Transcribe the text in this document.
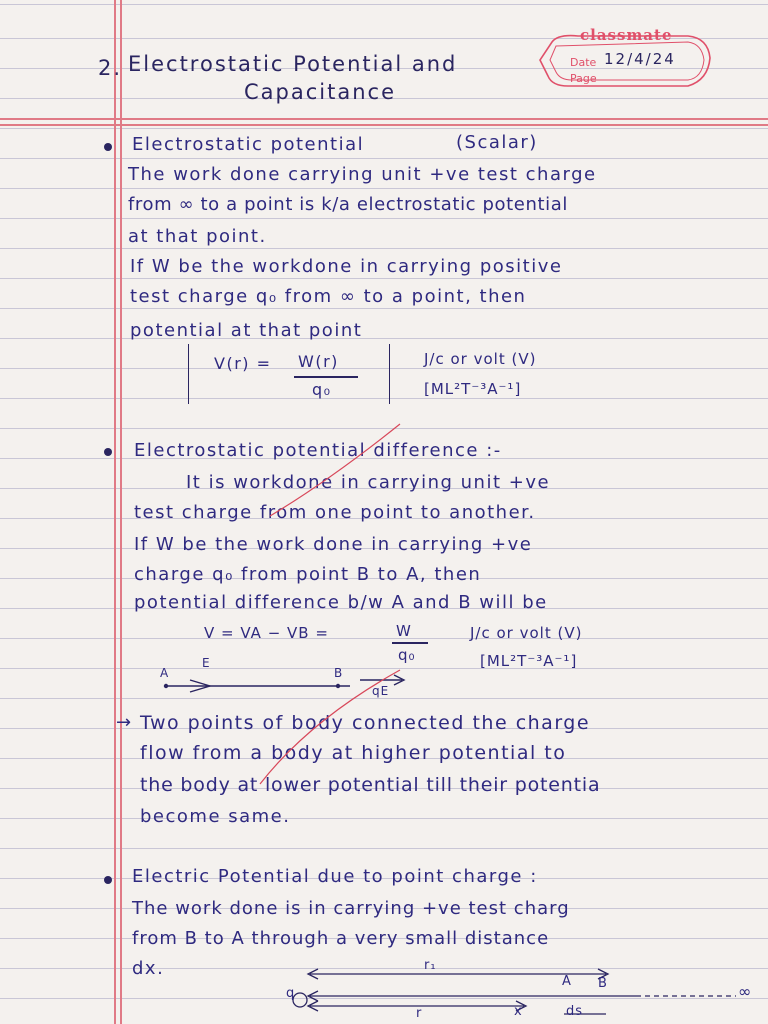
classmate
Date 12/4/24
Page
2. Electrostatic Potential and
Capacitance
Electrostatic potential	(Scalar)
The work done carrying unit +ve test charge
from ∞ to a point is k/a electrostatic potential
at that point.
If W be the workdone in carrying positive
test charge q₀ from ∞ to a point, then
potential at that point
V(r) = W(r)
q₀
J/c or volt (V)
[ML²T⁻³A⁻¹]
Electrostatic potential difference :-
It is workdone in carrying unit +ve
test charge from one point to another.
If W be the work done in carrying +ve
charge q₀ from point B to A, then
potential difference b/w A and B will be
V = VA − VB =	W
q₀
J/c or volt (V)
[ML²T⁻³A⁻¹]
A
E
B
qE
→ Two points of body connected the charge
flow from a body at higher potential to
the body at lower potential till their potentia
become same.
Electric Potential due to point charge :
The work done is in carrying +ve test charg
from B to A through a very small distance
dx.	r₁
q
A B	∞
r	x	ds
